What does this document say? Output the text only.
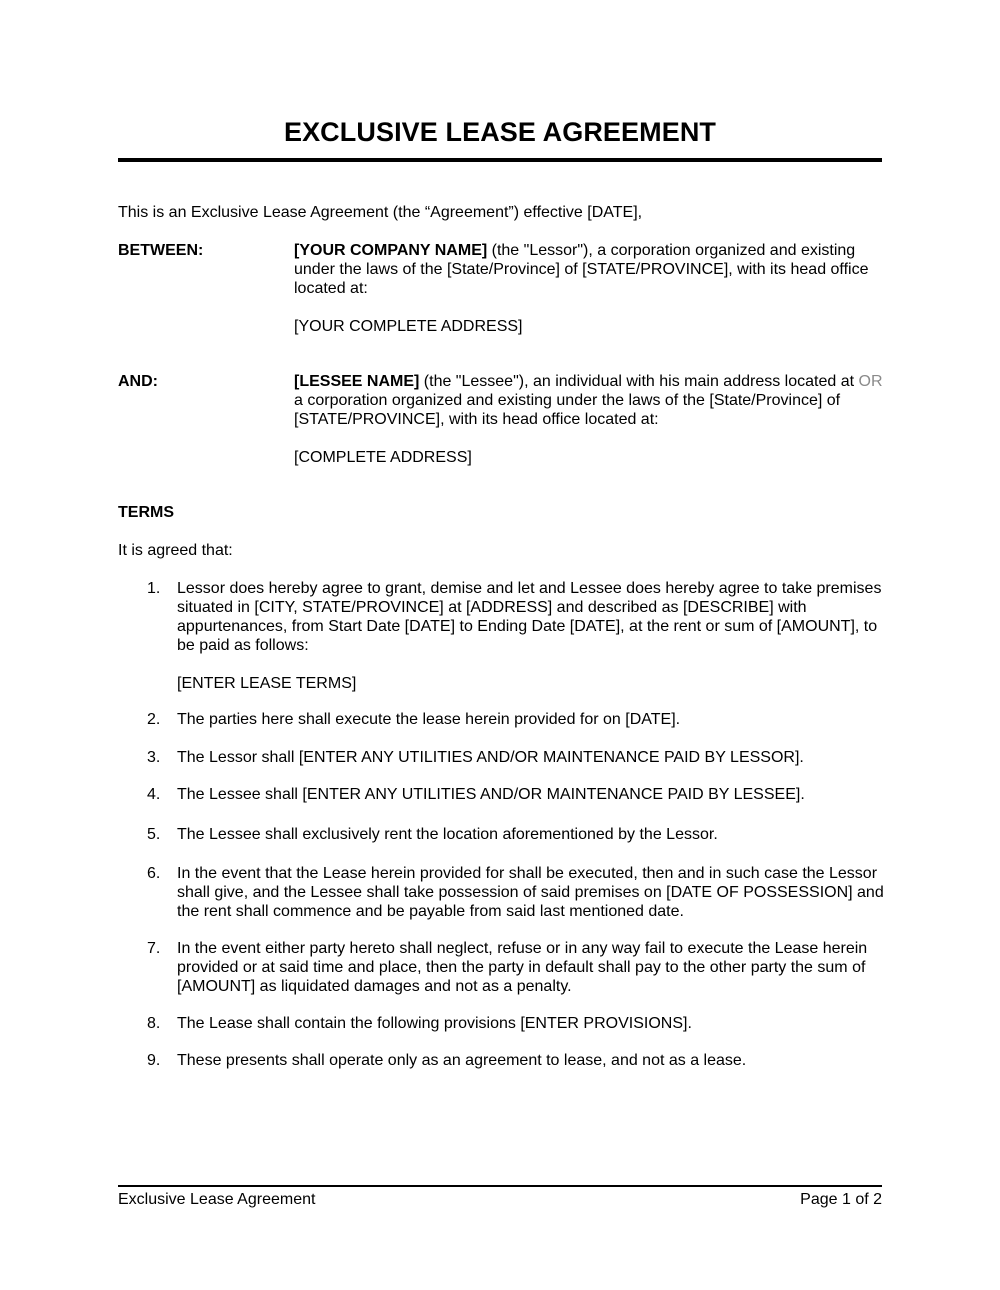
EXCLUSIVE LEASE AGREEMENT
This is an Exclusive Lease Agreement (the “Agreement”) effective [DATE],
BETWEEN:	[YOUR COMPANY NAME] (the "Lessor"), a corporation organized and existing under the laws of the [State/Province] of [STATE/PROVINCE], with its head office located at:

[YOUR COMPLETE ADDRESS]

AND:	[LESSEE NAME] (the "Lessee"), an individual with his main address located at OR a corporation organized and existing under the laws of the [State/Province] of [STATE/PROVINCE], with its head office located at:

[COMPLETE ADDRESS]

TERMS
It is agreed that:
1. Lessor does hereby agree to grant, demise and let and Lessee does hereby agree to take premises situated in [CITY, STATE/PROVINCE] at [ADDRESS] and described as [DESCRIBE] with appurtenances, from Start Date [DATE] to Ending Date [DATE], at the rent or sum of [AMOUNT], to be paid as follows:

[ENTER LEASE TERMS]

2. The parties here shall execute the lease herein provided for on [DATE].
3. The Lessor shall [ENTER ANY UTILITIES AND/OR MAINTENANCE PAID BY LESSOR].
4. The Lessee shall [ENTER ANY UTILITIES AND/OR MAINTENANCE PAID BY LESSEE].
5. The Lessee shall exclusively rent the location aforementioned by the Lessor.
6. In the event that the Lease herein provided for shall be executed, then and in such case the Lessor shall give, and the Lessee shall take possession of said premises on [DATE OF POSSESSION] and the rent shall commence and be payable from said last mentioned date.
7. In the event either party hereto shall neglect, refuse or in any way fail to execute the Lease herein provided or at said time and place, then the party in default shall pay to the other party the sum of [AMOUNT] as liquidated damages and not as a penalty.
8. The Lease shall contain the following provisions [ENTER PROVISIONS].
9. These presents shall operate only as an agreement to lease, and not as a lease.
Exclusive Lease Agreement	Page 1 of 2
